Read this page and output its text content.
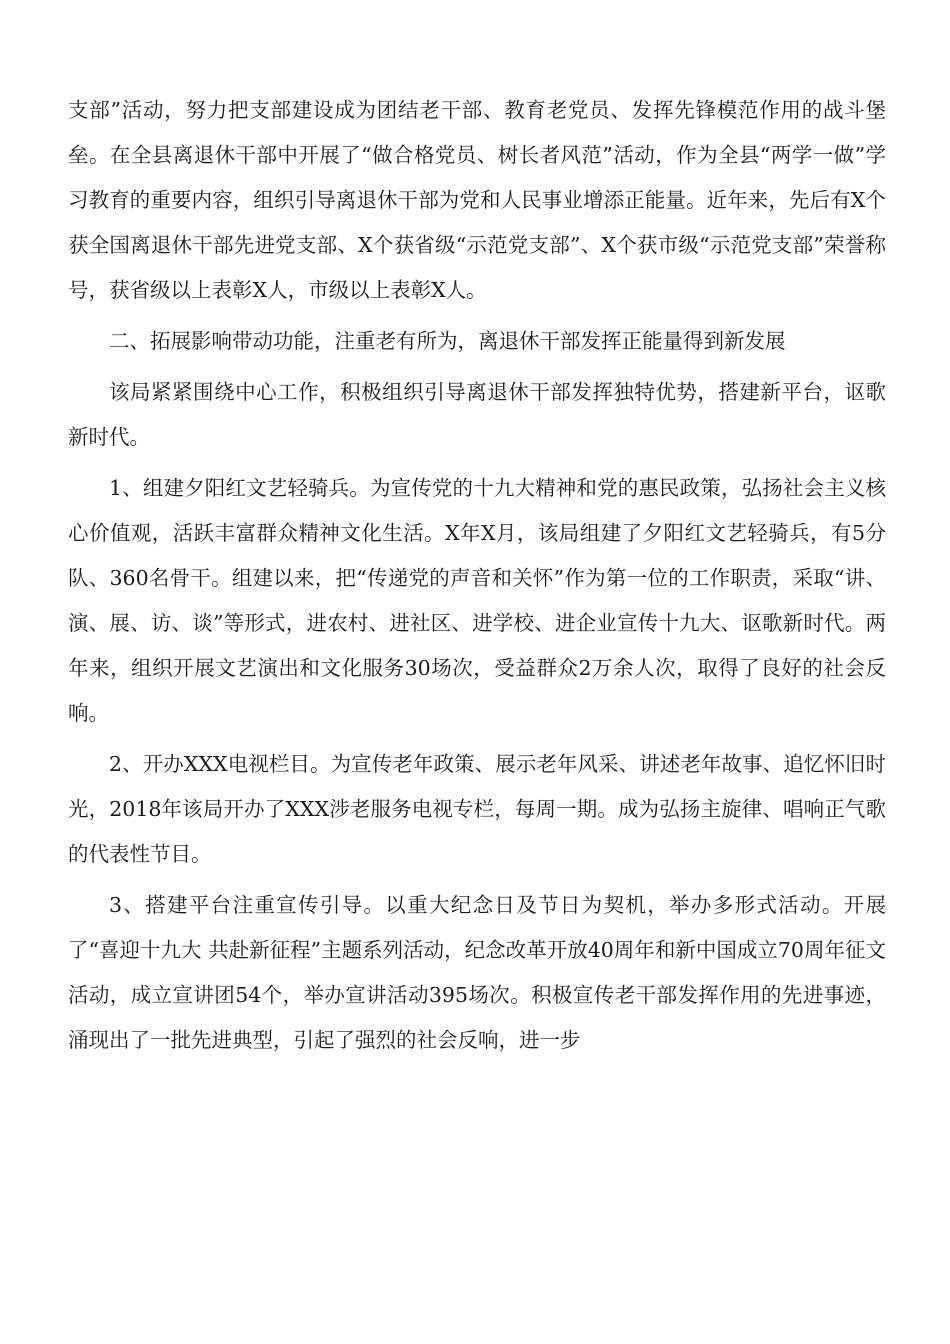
支部”活动，努力把支部建设成为团结老干部、教育老党员、发挥先锋模范作用的战斗堡垒。在全县离退休干部中开展了“做合格党员、树长者风范”活动，作为全县“两学一做”学习教育的重要内容，组织引导离退休干部为党和人民事业增添正能量。近年来，先后有X个获全国离退休干部先进党支部、X个获省级“示范党支部”、X个获市级“示范党支部”荣誉称号，获省级以上表彰X人，市级以上表彰X人。

二、拓展影响带动功能，注重老有所为，离退休干部发挥正能量得到新发展

该局紧紧围绕中心工作，积极组织引导离退休干部发挥独特优势，搭建新平台，讴歌新时代。

1、组建夕阳红文艺轻骑兵。为宣传党的十九大精神和党的惠民政策，弘扬社会主义核心价值观，活跃丰富群众精神文化生活。X年X月，该局组建了夕阳红文艺轻骑兵，有5分队、360名骨干。组建以来，把“传递党的声音和关怀”作为第一位的工作职责，采取“讲、演、展、访、谈”等形式，进农村、进社区、进学校、进企业宣传十九大、讴歌新时代。两年来，组织开展文艺演出和文化服务30场次，受益群众2万余人次，取得了良好的社会反响。

2、开办XXX电视栏目。为宣传老年政策、展示老年风采、讲述老年故事、追忆怀旧时光，2018年该局开办了XXX涉老服务电视专栏，每周一期。成为弘扬主旋律、唱响正气歌的代表性节目。

3、搭建平台注重宣传引导。以重大纪念日及节日为契机，举办多形式活动。开展了“喜迎十九大 共赴新征程”主题系列活动，纪念改革开放40周年和新中国成立70周年征文活动，成立宣讲团54个，举办宣讲活动395场次。积极宣传老干部发挥作用的先进事迹，涌现出了一批先进典型，引起了强烈的社会反响，进一步
